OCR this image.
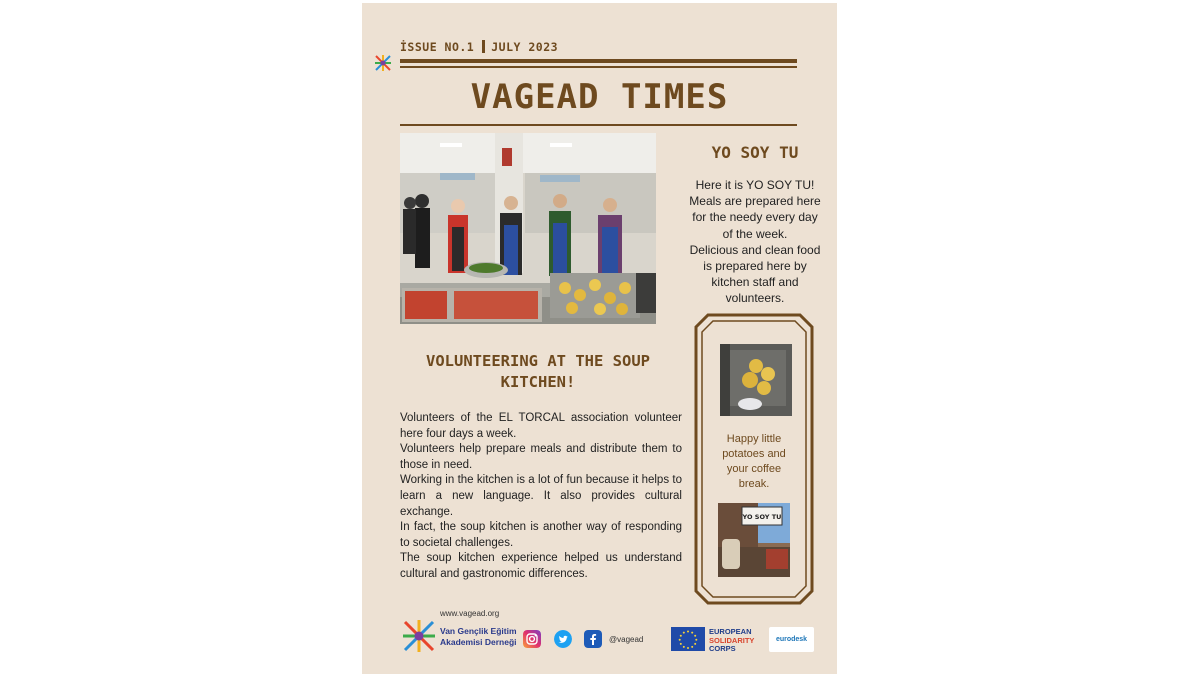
İSSUE NO.1 JULY 2023
VAGEAD TIMES
YO SOY TU
Here it is YO SOY TU!
Meals are prepared here
for the needy every day
of the week.
Delicious and clean food
is prepared here by
kitchen staff and
volunteers.
Happy little
potatoes and
your coffee
break.
YO SOY TU
VOLUNTEERING AT THE SOUP
KITCHEN!

Volunteers of the EL TORCAL association volunteer here four days a week.

Volunteers help prepare meals and distribute them to those in need.

Working in the kitchen is a lot of fun because it helps to learn a new language. It also provides cultural exchange.

In fact, the soup kitchen is another way of responding to societal challenges.

The soup kitchen experience helped us understand cultural and gastronomic differences.

www.vagead.org
Van Gençlik Eğitim
Akademisi Derneği	@vagead
EUROPEAN
SOLIDARITY
CORPS
eurodesk
